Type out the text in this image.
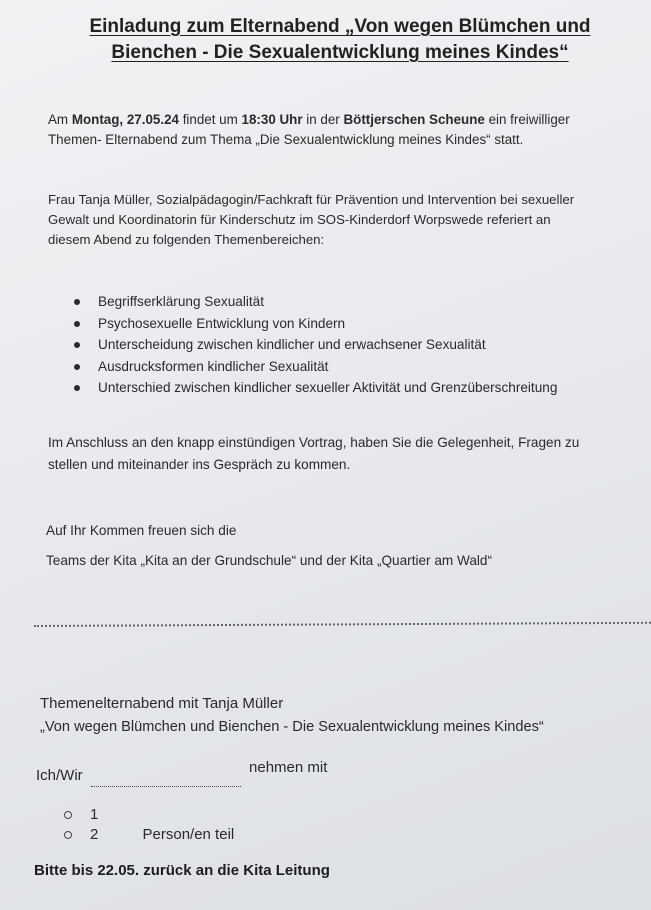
Einladung zum Elternabend „Von wegen Blümchen und
Bienchen - Die Sexualentwicklung meines Kindes“
Am Montag, 27.05.24 findet um 18:30 Uhr in der Böttjerschen Scheune ein freiwilliger
Themen- Elternabend zum Thema „Die Sexualentwicklung meines Kindes“ statt.
Frau Tanja Müller, Sozialpädagogin/Fachkraft für Prävention und Intervention bei sexueller
Gewalt und Koordinatorin für Kinderschutz im SOS-Kinderdorf Worpswede referiert an
diesem Abend zu folgenden Themenbereichen:
Begriffserklärung Sexualität
Psychosexuelle Entwicklung von Kindern
Unterscheidung zwischen kindlicher und erwachsener Sexualität
Ausdrucksformen kindlicher Sexualität
Unterschied zwischen kindlicher sexueller Aktivität und Grenzüberschreitung
Im Anschluss an den knapp einstündigen Vortrag, haben Sie die Gelegenheit, Fragen zu
stellen und miteinander ins Gespräch zu kommen.
Auf Ihr Kommen freuen sich die
Teams der Kita „Kita an der Grundschule“ und der Kita „Quartier am Wald“
Themenelternabend mit Tanja Müller
„Von wegen Blümchen und Bienchen - Die Sexualentwicklung meines Kindes“
Ich/Wir	nehmen mit
1
2	Person/en teil
Bitte bis 22.05. zurück an die Kita Leitung
